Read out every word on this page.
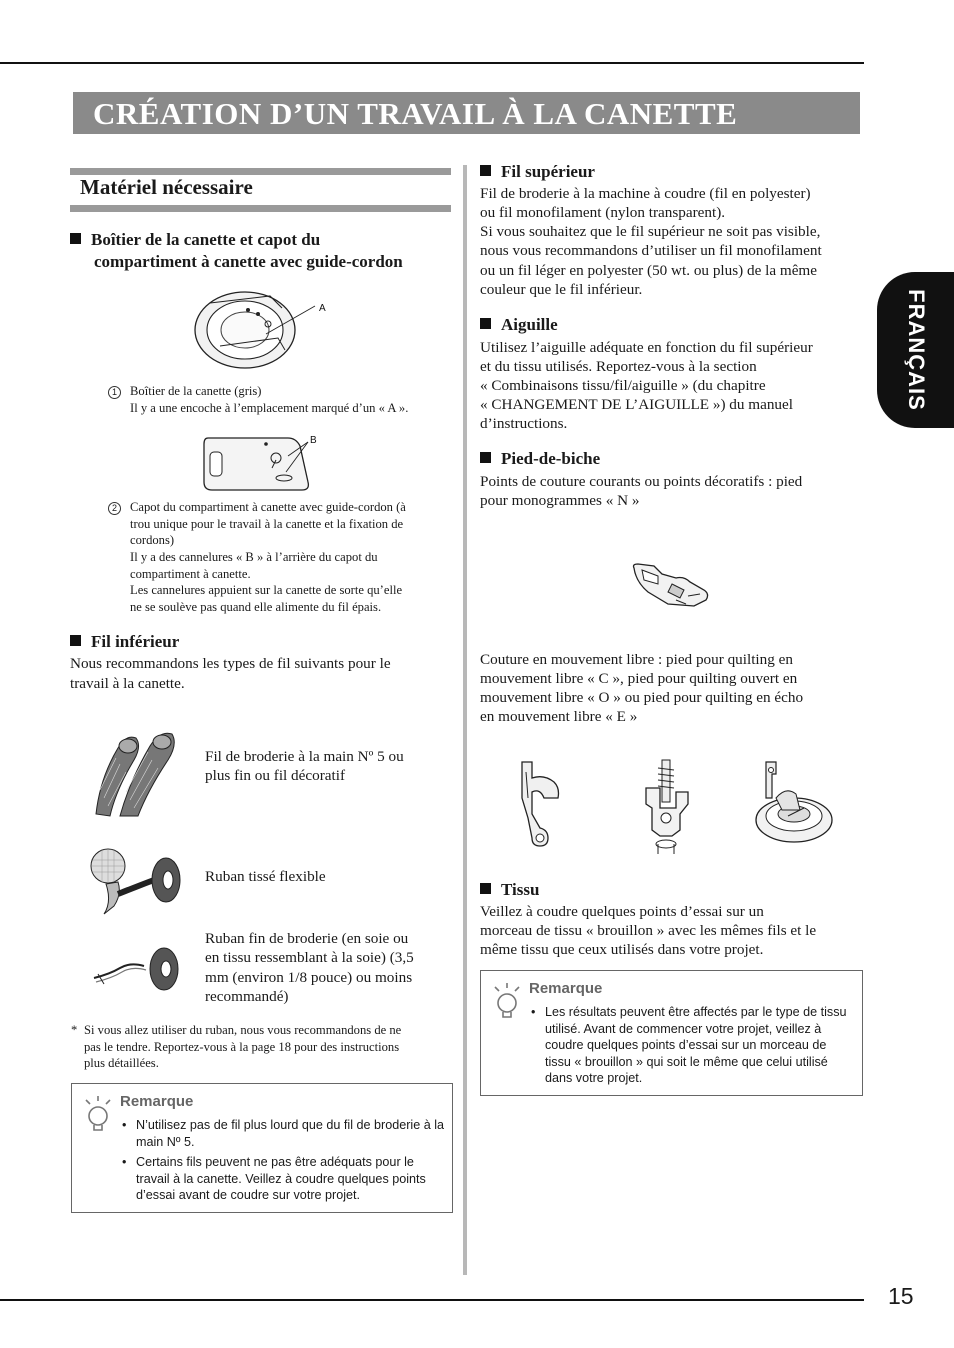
CRÉATION D’UN TRAVAIL À LA CANETTE
FRANÇAIS
Matériel nécessaire
Boîtier de la canette et capot du
compartiment à canette avec guide-cordon
A
1	Boîtier de la canette (gris)
Il y a une encoche à l’emplacement marqué d’un « A ».
B
2	Capot du compartiment à canette avec guide-cordon (à
trou unique pour le travail à la canette et la fixation de
cordons)
Il y a des cannelures « B » à l’arrière du capot du
compartiment à canette.
Les cannelures appuient sur la canette de sorte qu’elle
ne se soulève pas quand elle alimente du fil épais.
Fil inférieur
Nous recommandons les types de fil suivants pour le
travail à la canette.
Fil de broderie à la main Nº 5 ou
plus fin ou fil décoratif
Ruban tissé flexible
Ruban fin de broderie (en soie ou
en tissu ressemblant à la soie) (3,5
mm (environ 1/8 pouce) ou moins
recommandé)
* Si vous allez utiliser du ruban, nous vous recommandons de ne
pas le tendre. Reportez-vous à la page 18 pour des instructions
plus détaillées.
Remarque
• N’utilisez pas de fil plus lourd que du fil de broderie à la main Nº 5.
• Certains fils peuvent ne pas être adéquats pour le travail à la canette. Veillez à coudre quelques points d’essai avant de coudre sur votre projet.
Fil supérieur
Fil de broderie à la machine à coudre (fil en polyester)
ou fil monofilament (nylon transparent).
Si vous souhaitez que le fil supérieur ne soit pas visible,
nous vous recommandons d’utiliser un fil monofilament
ou un fil léger en polyester (50 wt. ou plus) de la même
couleur que le fil inférieur.
Aiguille
Utilisez l’aiguille adéquate en fonction du fil supérieur
et du tissu utilisés. Reportez-vous à la section
« Combinaisons tissu/fil/aiguille » (du chapitre
« CHANGEMENT DE L’AIGUILLE ») du manuel
d’instructions.
Pied-de-biche
Points de couture courants ou points décoratifs : pied
pour monogrammes « N »
Couture en mouvement libre : pied pour quilting en
mouvement libre « C », pied pour quilting ouvert en
mouvement libre « O » ou pied pour quilting en écho
en mouvement libre « E »
Tissu
Veillez à coudre quelques points d’essai sur un
morceau de tissu « brouillon » avec les mêmes fils et le
même tissu que ceux utilisés dans votre projet.
Remarque
• Les résultats peuvent être affectés par le type de tissu utilisé. Avant de commencer votre projet, veillez à coudre quelques points d’essai sur un morceau de tissu « brouillon » qui soit le même que celui utilisé dans votre projet.
15
